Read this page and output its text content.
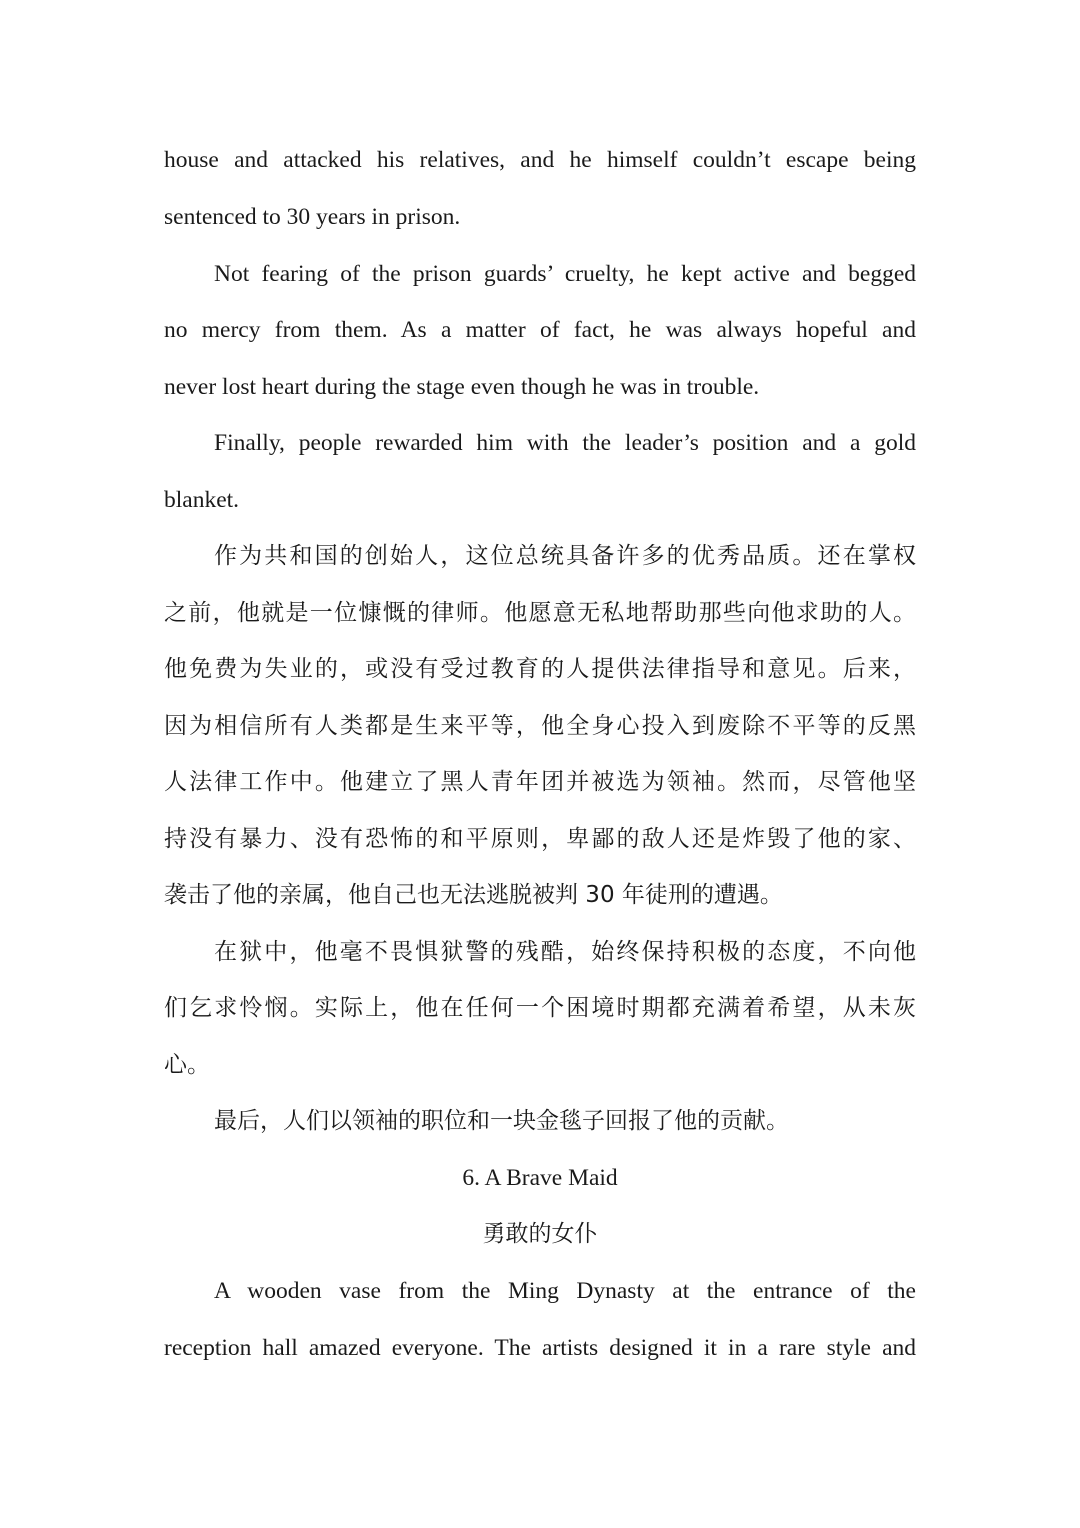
house and attacked his relatives, and he himself couldn’t escape being
sentenced to 30 years in prison.
Not fearing of the prison guards’ cruelty, he kept active and begged
no mercy from them. As a matter of fact, he was always hopeful and
never lost heart during the stage even though he was in trouble.
Finally, people rewarded him with the leader’s position and a gold
blanket.
作为共和国的创始人，这位总统具备许多的优秀品质。还在掌权
之前，他就是一位慷慨的律师。他愿意无私地帮助那些向他求助的人。
他免费为失业的，或没有受过教育的人提供法律指导和意见。后来，
因为相信所有人类都是生来平等，他全身心投入到废除不平等的反黑
人法律工作中。他建立了黑人青年团并被选为领袖。然而，尽管他坚
持没有暴力、没有恐怖的和平原则，卑鄙的敌人还是炸毁了他的家、
袭击了他的亲属，他自己也无法逃脱被判 30 年徒刑的遭遇。
在狱中，他毫不畏惧狱警的残酷，始终保持积极的态度，不向他
们乞求怜悯。实际上，他在任何一个困境时期都充满着希望，从未灰
心。
最后，人们以领袖的职位和一块金毯子回报了他的贡献。
6. A Brave Maid
勇敢的女仆
A wooden vase from the Ming Dynasty at the entrance of the
reception hall amazed everyone. The artists designed it in a rare style and
